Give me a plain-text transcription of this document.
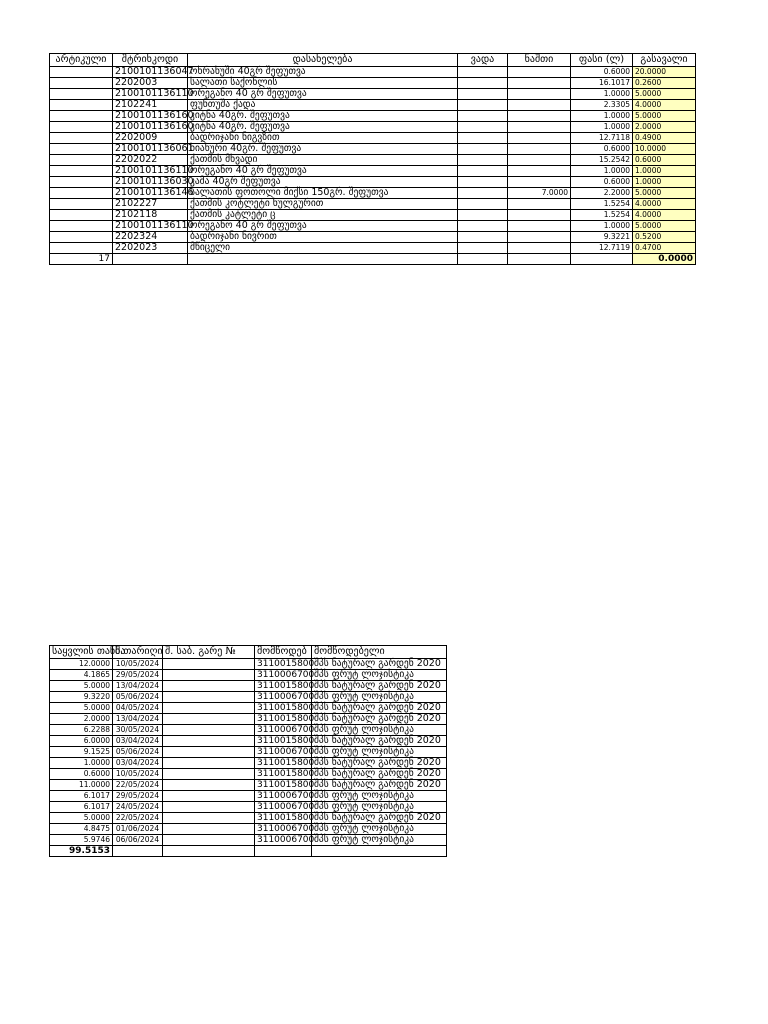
არტიკული	შტრიხკოდი	დასახელება	ვადა	ნაშთი	ფასი (ლ)	გასავალი
	2100101136047	ოხრახუში 40გრ შეფუთვა			0.6000	20.0000
	2202003	სალათი საქონლის			16.1017	0.2600
	2100101136110	ორეგანო 40 გრ შეფუთვა			1.0000	5.0000
	2102241	ფუნთუშა ქადა			2.3305	4.0000
	2100101136160	კიტნა 40გრ. შეფუთვა			1.0000	5.0000
	2100101136160	კიტნა 40გრ. შეფუთვა			1.0000	2.0000
	2202009	ბადრიჯანი ნიგვზით			12.7118	0.4900
	2100101136061	ხიახური 40გრ. შეფუთვა			0.6000	10.0000
	2202022	ქათმის მხვადი			15.2542	0.6000
	2100101136110	ორეგანო 40 გრ შეფუთვა			1.0000	1.0000
	2100101136030	კამა 40გრ შეფუთვა			0.6000	1.0000
	2100101136146	სალათის ფოთოლი მიქსი 150გრ. შეფუთვა		7.0000	2.2000	5.0000
	2102227	ქათმის კოტლეტი ხულგურით			1.5254	4.0000
	2102118	ქათმის კატლეტი ც			1.5254	4.0000
	2100101136110	ორეგანო 40 გრ შეფუთვა			1.0000	5.0000
	2202324	ბადრიჯანი ნივრით			9.3221	0.5200
	2202023	მწიცელი			12.7119	0.4700
17						0.0000
საყვლის თანხა	შ.თარიღი	შ. საბ. გარე №	მომწოდებ	მომწოდებელი
12.0000	10/05/2024		3110015800	შპს ნატურალ გარდენ 2020
4.1865	29/05/2024		3110006700	შპს ფრუტ ლოჯისტიკა
5.0000	13/04/2024		3110015800	შპს ნატურალ გარდენ 2020
9.3220	05/06/2024		3110006700	შპს ფრუტ ლოჯისტიკა
5.0000	04/05/2024		3110015800	შპს ნატურალ გარდენ 2020
2.0000	13/04/2024		3110015800	შპს ნატურალ გარდენ 2020
6.2288	30/05/2024		3110006700	შპს ფრუტ ლოჯისტიკა
6.0000	03/04/2024		3110015800	შპს ნატურალ გარდენ 2020
9.1525	05/06/2024		3110006700	შპს ფრუტ ლოჯისტიკა
1.0000	03/04/2024		3110015800	შპს ნატურალ გარდენ 2020
0.6000	10/05/2024		3110015800	შპს ნატურალ გარდენ 2020
11.0000	22/05/2024		3110015800	შპს ნატურალ გარდენ 2020
6.1017	29/05/2024		3110006700	შპს ფრუტ ლოჯისტიკა
6.1017	24/05/2024		3110006700	შპს ფრუტ ლოჯისტიკა
5.0000	22/05/2024		3110015800	შპს ნატურალ გარდენ 2020
4.8475	01/06/2024		3110006700	შპს ფრუტ ლოჯისტიკა
5.9746	06/06/2024		3110006700	შპს ფრუტ ლოჯისტიკა
99.5153				
